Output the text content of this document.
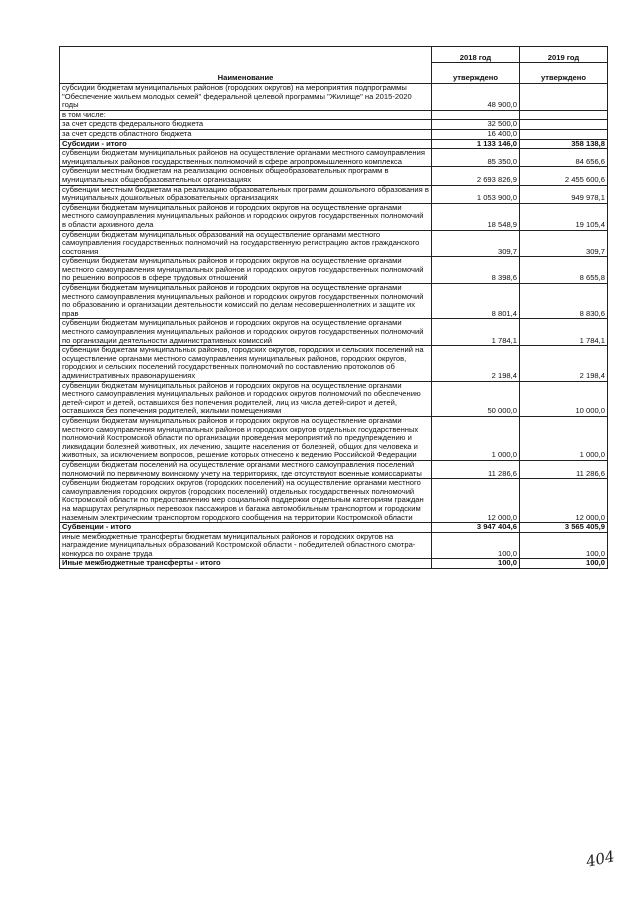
Наименование	2018 год	2019 год
	утверждено	утверждено
субсидии бюджетам муниципальных районов (городских округов) на мероприятия подпрограммы "Обеспечение жильем молодых семей" федеральной целевой программы "Жилище" на 2015-2020 годы	48 900,0	
в том числе:		
за счет средств федерального бюджета	32 500,0	
за счет средств областного бюджета	16 400,0	
Субсидии - итого	1 133 146,0	358 138,8
субвенции бюджетам муниципальных районов на осуществление органами местного самоуправления муниципальных районов государственных полномочий в сфере агропромышленного комплекса	85 350,0	84 656,6
субвенции местным бюджетам на реализацию основных общеобразовательных программ в муниципальных общеобразовательных организациях	2 693 826,9	2 455 600,6
субвенции местным бюджетам на реализацию образовательных программ дошкольного образования в муниципальных дошкольных образовательных организациях	1 053 900,0	949 978,1
субвенции бюджетам муниципальных районов и городских округов на осуществление органами местного самоуправления муниципальных районов и городских округов государственных полномочий в области архивного дела	18 548,9	19 105,4
субвенции бюджетам муниципальных образований на осуществление органами местного самоуправления государственных полномочий на государственную регистрацию актов гражданского состояния	309,7	309,7
субвенции бюджетам муниципальных районов и городских округов на осуществление органами местного самоуправления муниципальных районов и городских округов государственных полномочий по решению вопросов в сфере трудовых отношений	8 398,6	8 655,8
субвенции бюджетам муниципальных районов и городских округов на осуществление органами местного самоуправления муниципальных районов и городских округов государственных полномочий по образованию и организации деятельности комиссий по делам несовершеннолетних и защите их прав	8 801,4	8 830,6
субвенции бюджетам муниципальных районов и городских округов на осуществление органами местного самоуправления муниципальных районов и городских округов государственных полномочий по организации деятельности административных комиссий	1 784,1	1 784,1
субвенции бюджетам муниципальных районов, городских округов, городских и сельских поселений на осуществление органами местного самоуправления муниципальных районов, городских округов, городских и сельских поселений государственных полномочий по составлению протоколов об административных правонарушениях	2 198,4	2 198,4
субвенции бюджетам муниципальных районов и городских округов на осуществление органами местного самоуправления муниципальных районов и городских округов полномочий по обеспечению детей-сирот и детей, оставшихся без попечения родителей, лиц из числа детей-сирот и детей, оставшихся без попечения родителей, жилыми помещениями	50 000,0	10 000,0
субвенции бюджетам муниципальных районов и городских округов на осуществление органами местного самоуправления муниципальных районов и городских округов отдельных государственных полномочий Костромской области по организации проведения мероприятий по предупреждению и ликвидации болезней животных, их лечению, защите населения от болезней, общих для человека и животных, за исключением вопросов, решение которых отнесено к ведению Российской Федерации	1 000,0	1 000,0
субвенции бюджетам поселений на осуществление органами местного самоуправления поселений полномочий по первичному воинскому учету на территориях, где отсутствуют военные комиссариаты	11 286,6	11 286,6
субвенции бюджетам городских округов (городских поселений) на осуществление органами местного самоуправления городских округов (городских поселений) отдельных государственных полномочий Костромской области по предоставлению мер социальной поддержки отдельным категориям граждан на маршрутах регулярных перевозок пассажиров и багажа автомобильным транспортом и городским наземным электрическим транспортом городского сообщения на территории Костромской области	12 000,0	12 000,0
Субвенции - итого	3 947 404,6	3 565 405,9
иные межбюджетные трансферты бюджетам муниципальных районов и городских округов на награждение муниципальных образований Костромской области - победителей областного смотра-конкурса по охране труда	100,0	100,0
Иные межбюджетные трансферты - итого	100,0	100,0
404
